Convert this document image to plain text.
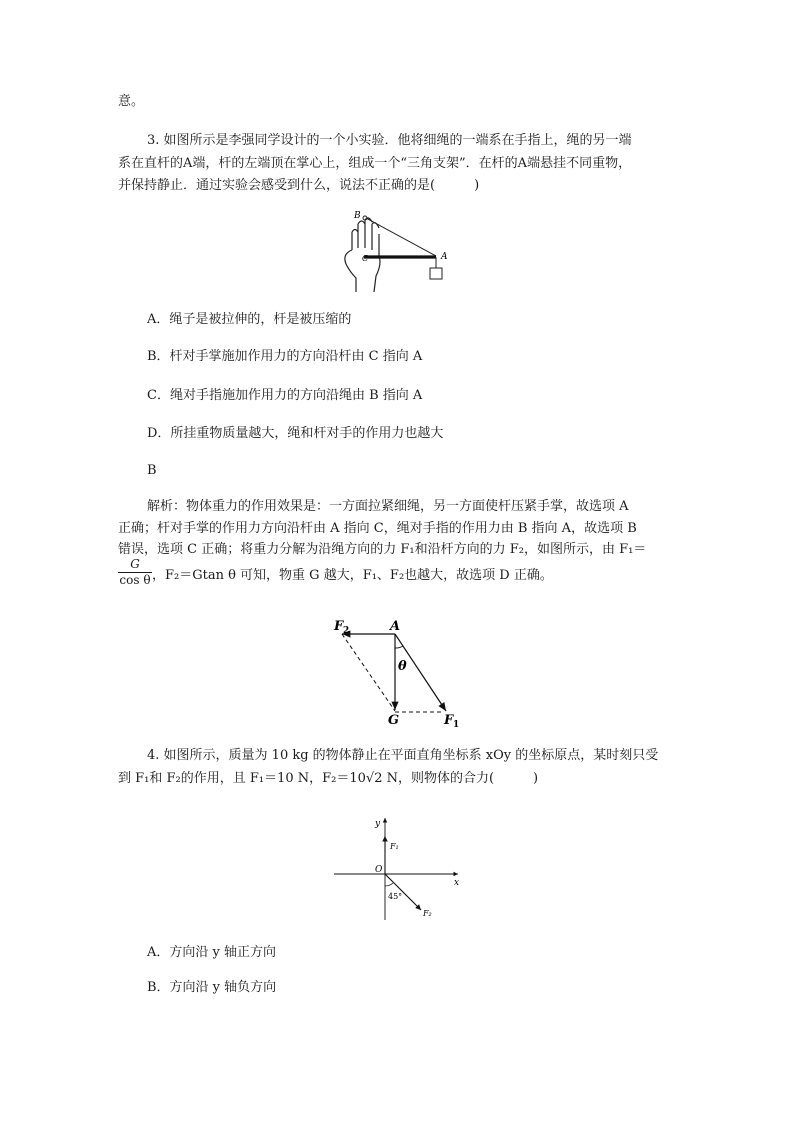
意。
3. 如图所示是李强同学设计的一个小实验．他将细绳的一端系在手指上，绳的另一端
系在直杆的A端，杆的左端顶在掌心上，组成一个“三角支架”．在杆的A端悬挂不同重物，
并保持静止．通过实验会感受到什么，说法不正确的是(　　　)
B
C	A
A．绳子是被拉伸的，杆是被压缩的
B．杆对手掌施加作用力的方向沿杆由 C 指向 A
C．绳对手指施加作用力的方向沿绳由 B 指向 A
D．所挂重物质量越大，绳和杆对手的作用力也越大
B
解析：物体重力的作用效果是：一方面拉紧细绳，另一方面使杆压紧手掌，故选项 A
正确；杆对手掌的作用力方向沿杆由 A 指向 C，绳对手指的作用力由 B 指向 A，故选项 B
错误，选项 C 正确；将重力分解为沿绳方向的力 F₁和沿杆方向的力 F₂，如图所示，由 F₁＝
$\frac{G}{\text{cos θ}}$ ，F₂＝Gtan θ 可知，物重 G 越大，F₁、F₂也越大，故选项 D 正确。
F 2	A
θ
G	F 1
4. 如图所示，质量为 10 kg 的物体静止在平面直角坐标系 xOy 的坐标原点，某时刻只受
到 F₁和 F₂的作用，且 F₁＝10 N，F₂＝10√2 N，则物体的合力(　　　)
y
x
O
F₁
F₂
45°
A．方向沿 y 轴正方向
B．方向沿 y 轴负方向
